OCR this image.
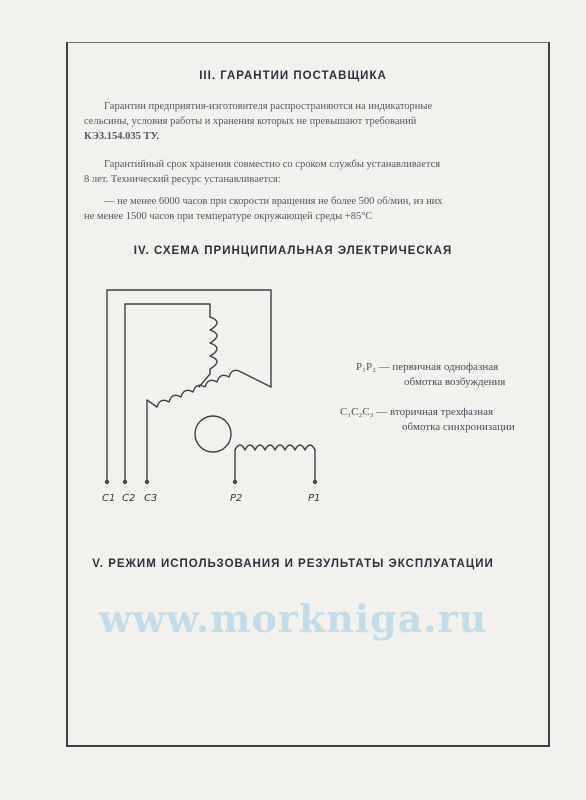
III. ГАРАНТИИ ПОСТАВЩИКА
Гарантии предприятия-изготовителя распространяются на индикаторные
сельсины, условия работы и хранения которых не превышают требований
КЭ3.154.035 ТУ.
Гарантийный срок хранения совместно со сроком службы устанавливается
8 лет. Технический ресурс устанавливается:
— не менее 6000 часов при скорости вращения не более 500 об/мин, из них
не менее 1500 часов при температуре окружающей среды +85°С
IV. СХЕМА ПРИНЦИПИАЛЬНАЯ ЭЛЕКТРИЧЕСКАЯ
С1 С2 С3	Р2	Р1
Р₁Р₂ — первичная однофазная
обмотка возбуждения
С₁С₂С₃ — вторичная трехфазная
обмотка синхронизации
V. РЕЖИМ ИСПОЛЬЗОВАНИЯ И РЕЗУЛЬТАТЫ ЭКСПЛУАТАЦИИ
www.morkniga.ru
